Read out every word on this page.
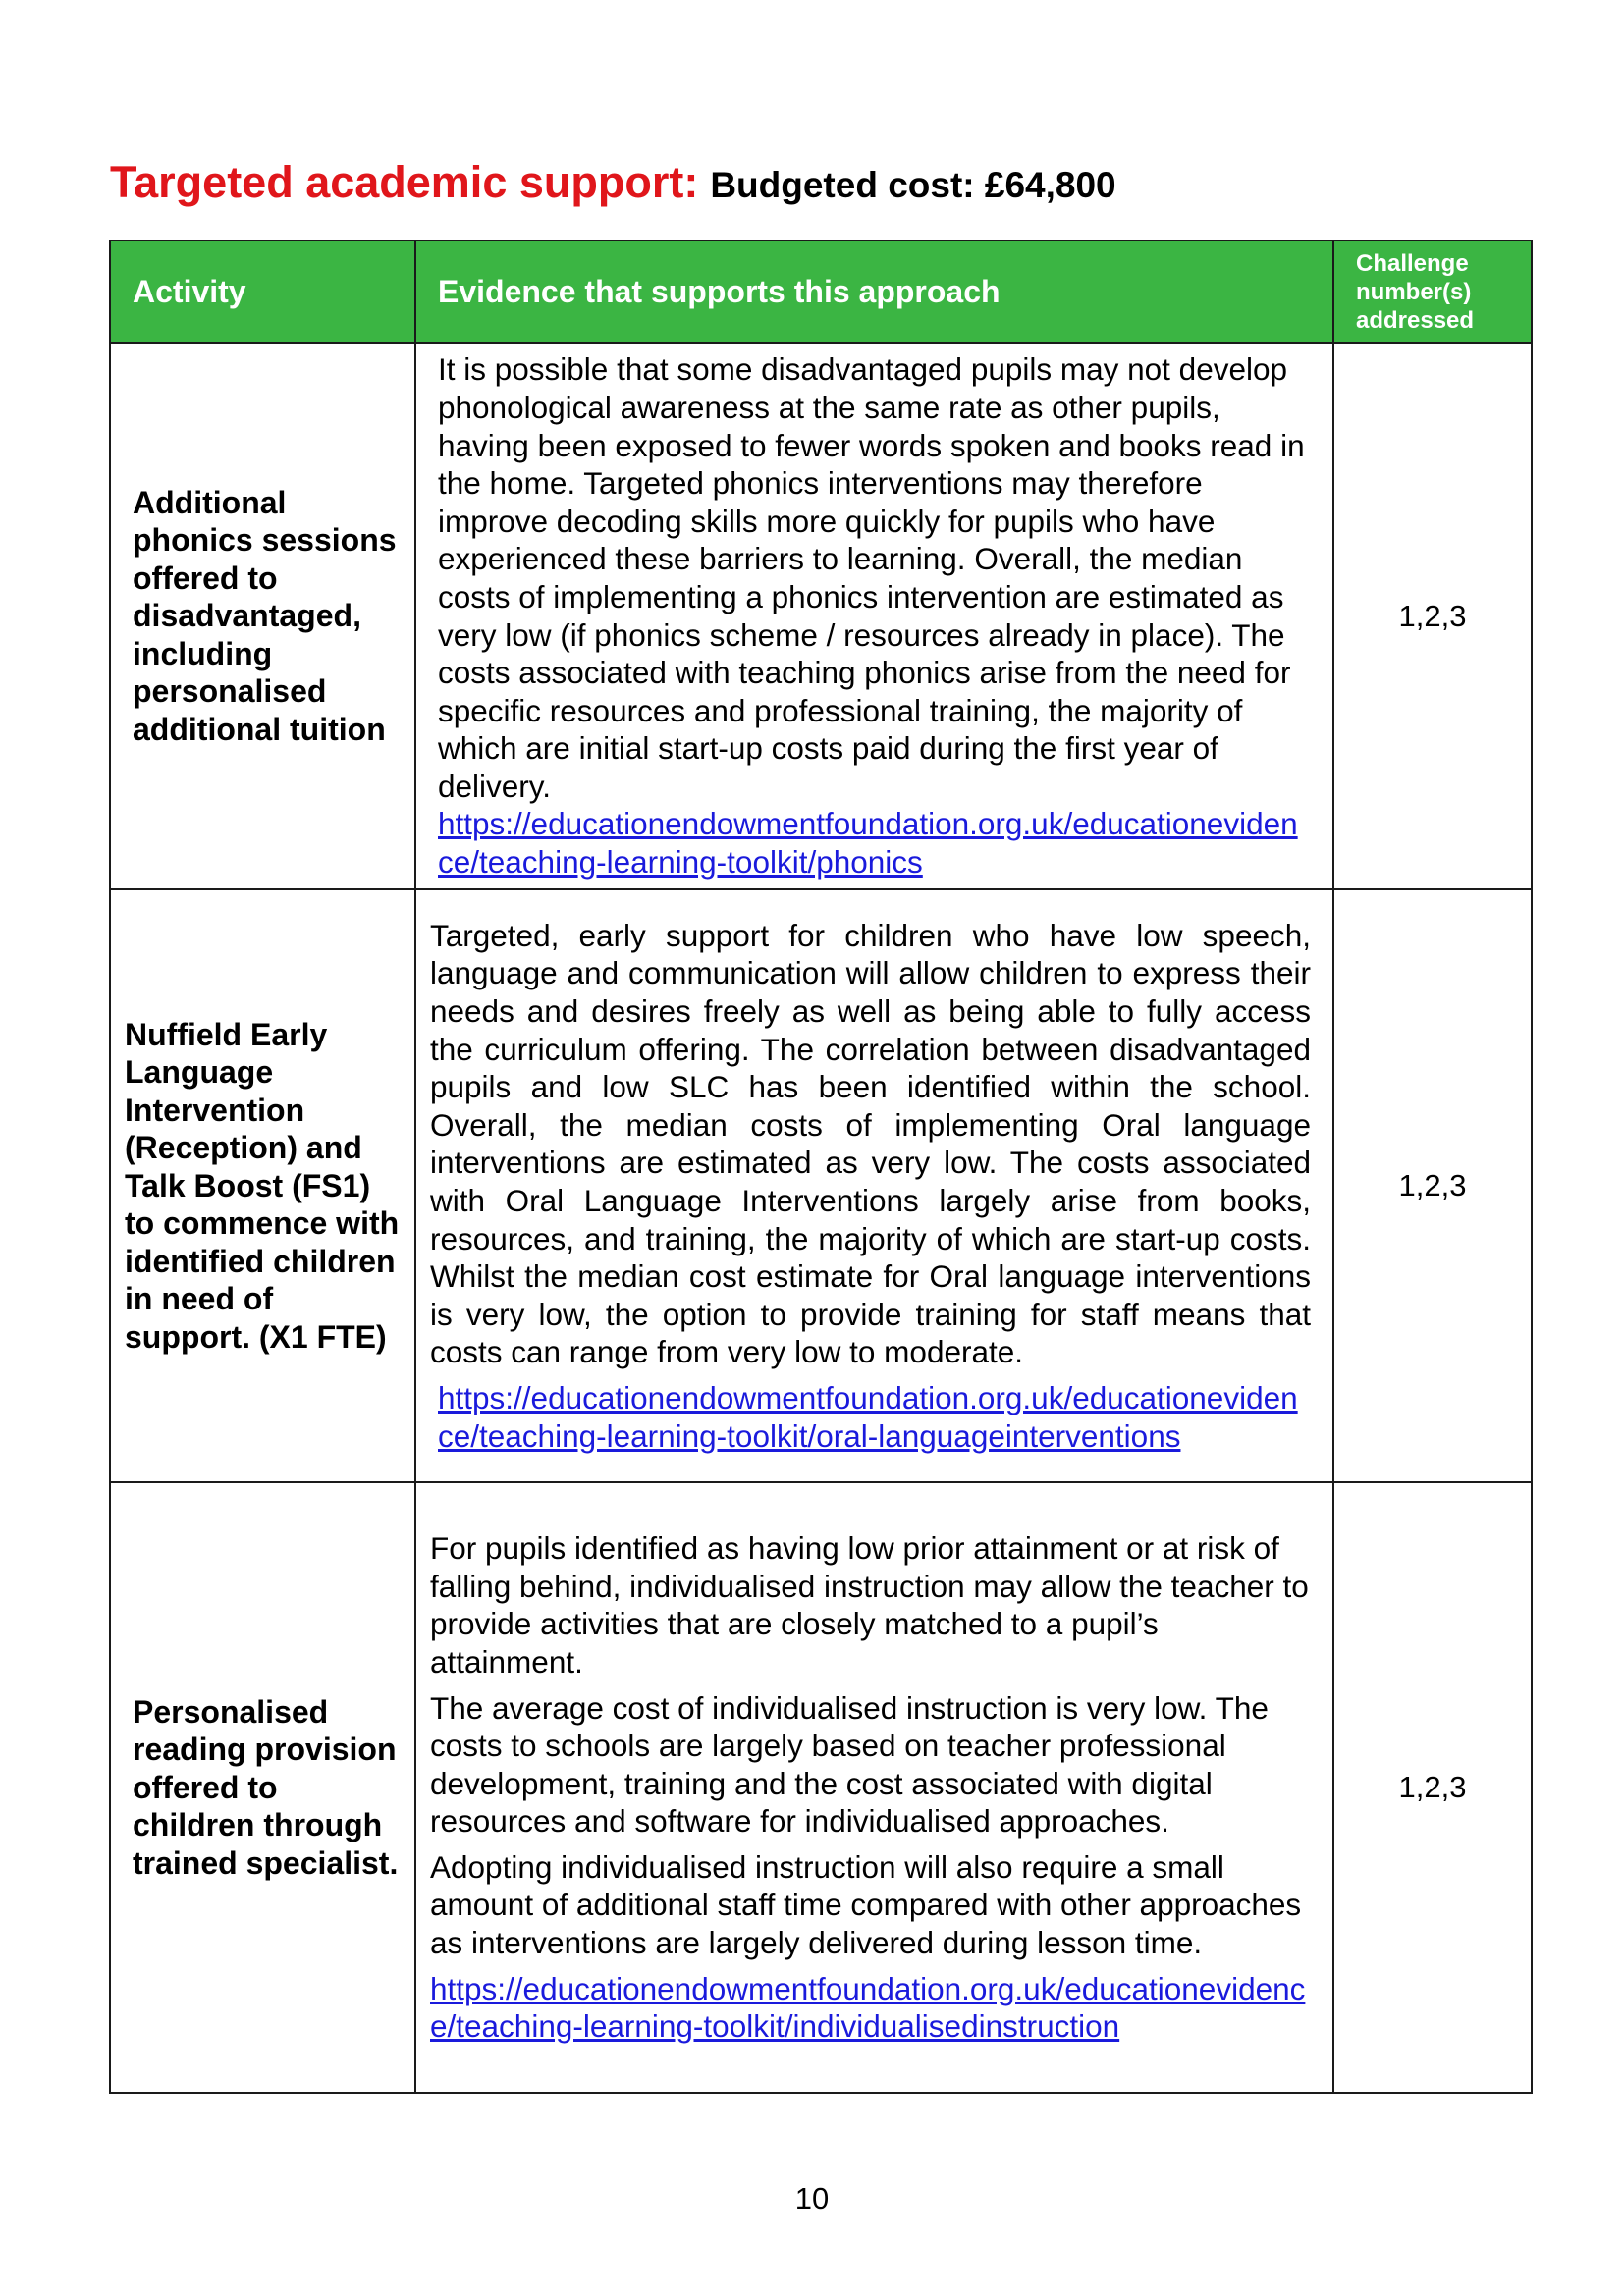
Targeted academic support: Budgeted cost: £64,800
Activity	Evidence that supports this approach	Challenge
number(s)
addressed
Additional phonics sessions offered to disadvantaged, including personalised additional tuition	It is possible that some disadvantaged pupils may not develop phonological awareness at the same rate as other pupils, having been exposed to fewer words spoken and books read in the home. Targeted phonics interventions may therefore improve decoding skills more quickly for pupils who have experienced these barriers to learning. Overall, the median costs of implementing a phonics intervention are estimated as very low (if phonics scheme / resources already in place). The costs associated with teaching phonics arise from the need for specific resources and professional training, the majority of which are initial start-up costs paid during the first year of delivery.

https://educationendowmentfoundation.org.uk/educationevidence/teaching-learning-toolkit/phonics	1,2,3
Nuffield Early Language Intervention (Reception) and Talk Boost (FS1) to commence with identified children in need of support. (X1 FTE)	Targeted, early support for children who have low speech, language and communication will allow children to express their needs and desires freely as well as being able to fully access the curriculum offering. The correlation between disadvantaged pupils and low SLC has been identified within the school. Overall, the median costs of implementing Oral language interventions are estimated as very low. The costs associated with Oral Language Interventions largely arise from books, resources, and training, the majority of which are start-up costs. Whilst the median cost estimate for Oral language interventions is very low, the option to provide training for staff means that costs can range from very low to moderate.

https://educationendowmentfoundation.org.uk/educationevidence/teaching-learning-toolkit/oral-languageinterventions	1,2,3
Personalised reading provision offered to children through trained specialist.	For pupils identified as having low prior attainment or at risk of falling behind, individualised instruction may allow the teacher to provide activities that are closely matched to a pupil’s attainment.

The average cost of individualised instruction is very low. The costs to schools are largely based on teacher professional development, training and the cost associated with digital resources and software for individualised approaches.

Adopting individualised instruction will also require a small amount of additional staff time compared with other approaches as interventions are largely delivered during lesson time.

https://educationendowmentfoundation.org.uk/educationevidence/teaching-learning-toolkit/individualisedinstruction	1,2,3
10
